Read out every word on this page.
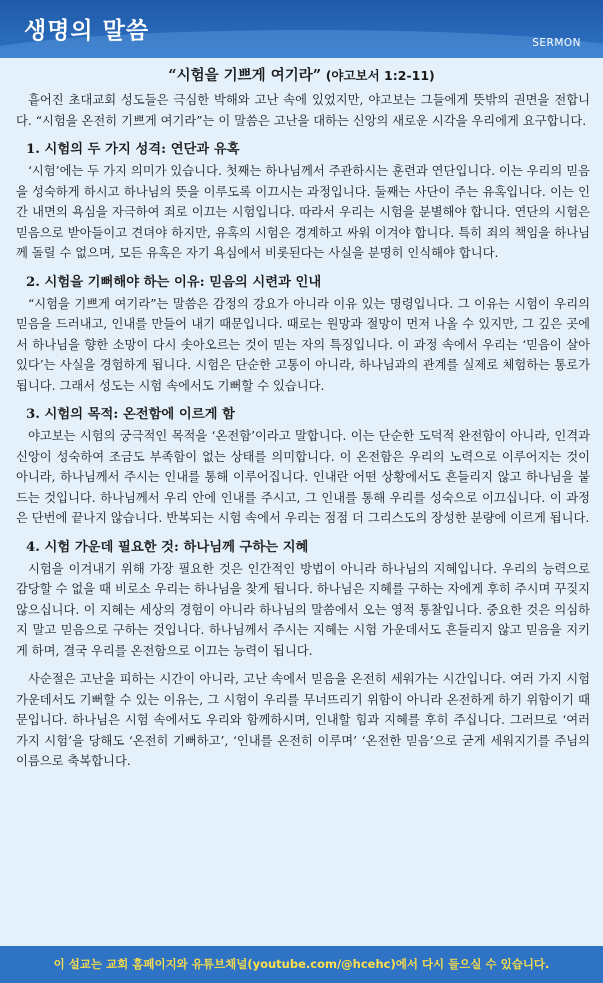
생명의 말씀	SERMON
“시험을 기쁘게 여기라” (야고보서 1:2-11)

흩어진 초대교회 성도들은 극심한 박해와 고난 속에 있었지만, 야고보는 그들에게 뜻밖의 권면을 전합니다. “시험을 온전히 기쁘게 여기라”는 이 말씀은 고난을 대하는 신앙의 새로운 시각을 우리에게 요구합니다.

1. 시험의 두 가지 성격: 연단과 유혹

‘시험’에는 두 가지 의미가 있습니다. 첫째는 하나님께서 주관하시는 훈련과 연단입니다. 이는 우리의 믿음을 성숙하게 하시고 하나님의 뜻을 이루도록 이끄시는 과정입니다. 둘째는 사단이 주는 유혹입니다. 이는 인간 내면의 욕심을 자극하여 죄로 이끄는 시험입니다. 따라서 우리는 시험을 분별해야 합니다. 연단의 시험은 믿음으로 받아들이고 견뎌야 하지만, 유혹의 시험은 경계하고 싸워 이겨야 합니다. 특히 죄의 책임을 하나님께 돌릴 수 없으며, 모든 유혹은 자기 욕심에서 비롯된다는 사실을 분명히 인식해야 합니다.

2. 시험을 기뻐해야 하는 이유: 믿음의 시련과 인내

“시험을 기쁘게 여기라”는 말씀은 감정의 강요가 아니라 이유 있는 명령입니다. 그 이유는 시험이 우리의 믿음을 드러내고, 인내를 만들어 내기 때문입니다. 때로는 원망과 절망이 먼저 나올 수 있지만, 그 깊은 곳에서 하나님을 향한 소망이 다시 솟아오르는 것이 믿는 자의 특징입니다. 이 과정 속에서 우리는 ‘믿음이 살아 있다’는 사실을 경험하게 됩니다. 시험은 단순한 고통이 아니라, 하나님과의 관계를 실제로 체험하는 통로가 됩니다. 그래서 성도는 시험 속에서도 기뻐할 수 있습니다.

3. 시험의 목적: 온전함에 이르게 함

야고보는 시험의 궁극적인 목적을 ‘온전함’이라고 말합니다. 이는 단순한 도덕적 완전함이 아니라, 인격과 신앙이 성숙하여 조금도 부족함이 없는 상태를 의미합니다. 이 온전함은 우리의 노력으로 이루어지는 것이 아니라, 하나님께서 주시는 인내를 통해 이루어집니다. 인내란 어떤 상황에서도 흔들리지 않고 하나님을 붙드는 것입니다. 하나님께서 우리 안에 인내를 주시고, 그 인내를 통해 우리를 성숙으로 이끄십니다. 이 과정은 단번에 끝나지 않습니다. 반복되는 시험 속에서 우리는 점점 더 그리스도의 장성한 분량에 이르게 됩니다.

4. 시험 가운데 필요한 것: 하나님께 구하는 지혜

시험을 이겨내기 위해 가장 필요한 것은 인간적인 방법이 아니라 하나님의 지혜입니다. 우리의 능력으로 감당할 수 없을 때 비로소 우리는 하나님을 찾게 됩니다. 하나님은 지혜를 구하는 자에게 후히 주시며 꾸짖지 않으십니다. 이 지혜는 세상의 경험이 아니라 하나님의 말씀에서 오는 영적 통찰입니다. 중요한 것은 의심하지 말고 믿음으로 구하는 것입니다. 하나님께서 주시는 지혜는 시험 가운데서도 흔들리지 않고 믿음을 지키게 하며, 결국 우리를 온전함으로 이끄는 능력이 됩니다.

사순절은 고난을 피하는 시간이 아니라, 고난 속에서 믿음을 온전히 세워가는 시간입니다. 여러 가지 시험 가운데서도 기뻐할 수 있는 이유는, 그 시험이 우리를 무너뜨리기 위함이 아니라 온전하게 하기 위함이기 때문입니다. 하나님은 시험 속에서도 우리와 함께하시며, 인내할 힘과 지혜를 후히 주십니다. 그러므로 ‘여러 가지 시험’을 당해도 ‘온전히 기뻐하고’, ‘인내를 온전히 이루며’ ‘온전한 믿음’으로 굳게 세워지기를 주님의 이름으로 축복합니다.

이 설교는 교회 홈페이지와 유튜브채널(youtube.com/@hcehc)에서 다시 들으실 수 있습니다.
